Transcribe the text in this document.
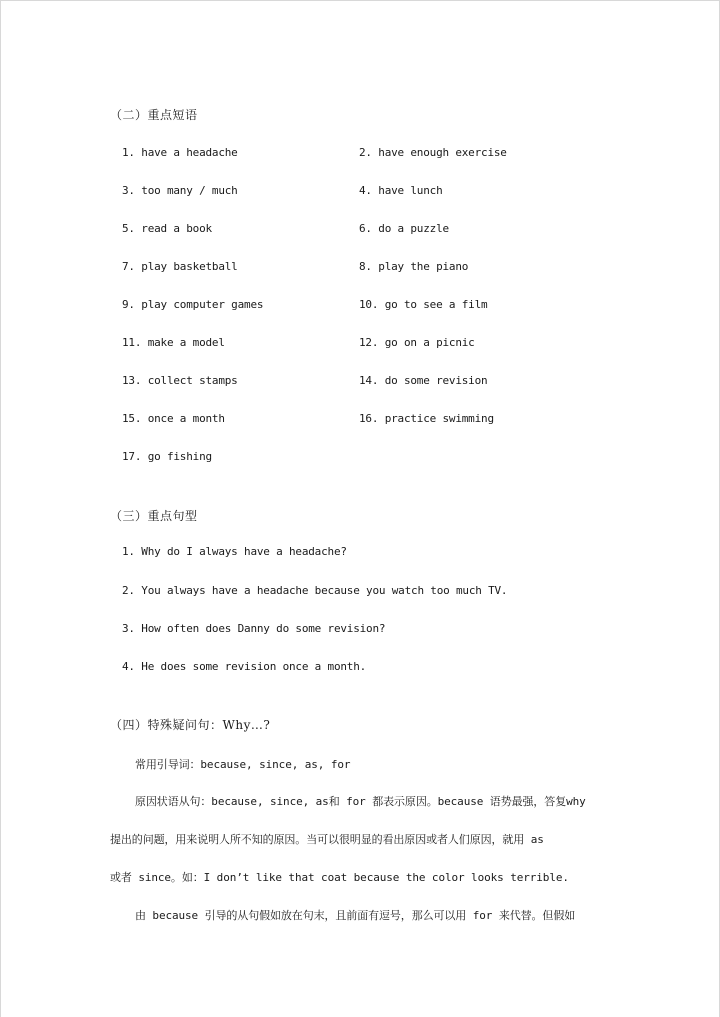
（二）重点短语
1. have a headache	2. have enough exercise
3. too many / much	4. have lunch
5. read a book	6. do a puzzle
7. play basketball	8. play the piano
9. play computer games	10. go to see a film
11. make a model	12. go on a picnic
13. collect stamps	14. do some revision
15. once a month	16. practice swimming
17. go fishing
（三）重点句型
1. Why do I always have a headache?
2. You always have a headache because you watch too much TV.
3. How often does Danny do some revision?
4. He does some revision once a month.
（四）特殊疑问句：Why…?
常用引导词：because, since, as, for
原因状语从句：because, since, as和 for 都表示原因。because 语势最强，答复why
提出的问题，用来说明人所不知的原因。当可以很明显的看出原因或者人们原因，就用 as
或者 since。如：I don’t like that coat because the color looks terrible.
由 because 引导的从句假如放在句末，且前面有逗号，那么可以用 for 来代替。但假如
